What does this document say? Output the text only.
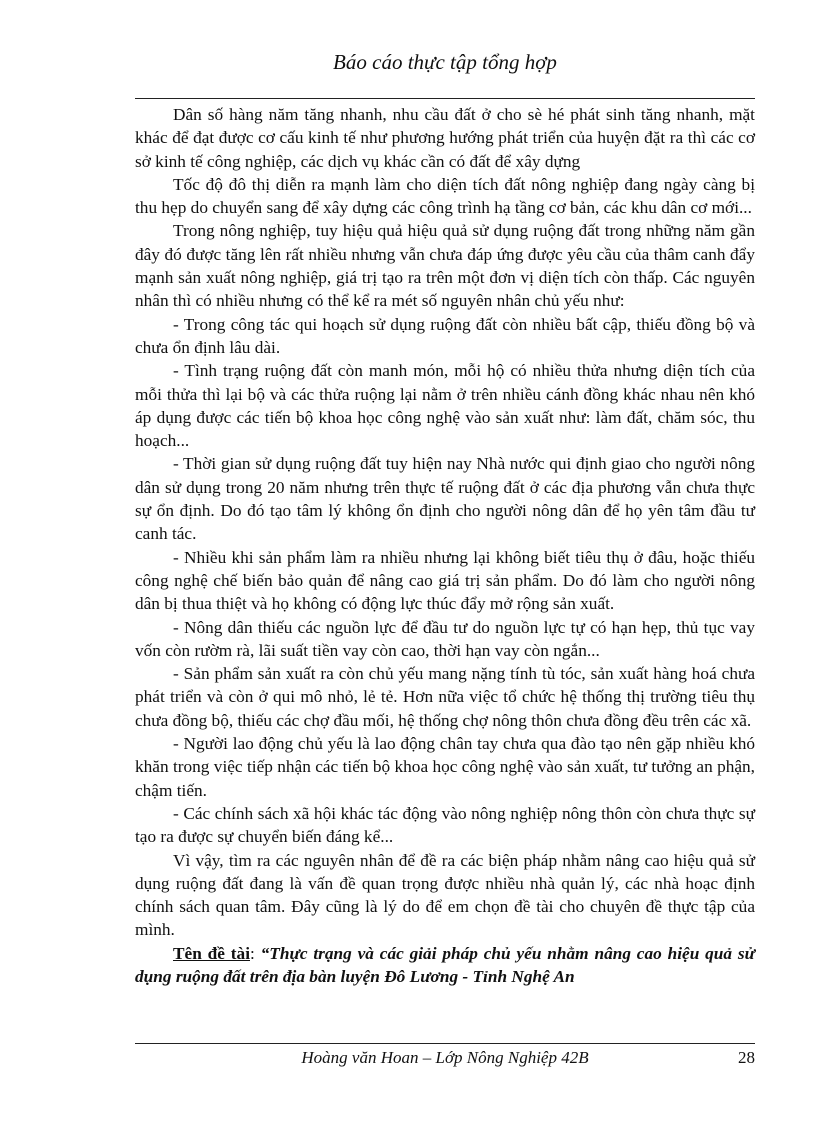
Báo cáo thực tập tổng hợp

Dân số hàng năm tăng nhanh, nhu cầu đất ở cho sè hé phát sinh tăng nhanh, mặt khác để đạt được cơ cấu kinh tế như phương hướng phát triển của huyện đặt ra thì các cơ sở kinh tế công nghiệp, các dịch vụ khác cần có đất để xây dựng

Tốc độ đô thị diễn ra mạnh làm cho diện tích đất nông nghiệp đang ngày càng bị thu hẹp do chuyển sang để xây dựng các công trình hạ tầng cơ bản, các khu dân cơ mới...

Trong nông nghiệp, tuy hiệu quả hiệu quả sử dụng ruộng đất trong những năm gần đây đó được tăng lên rất nhiều nhưng vẫn chưa đáp ứng được yêu cầu của thâm canh đẩy mạnh sản xuất nông nghiệp, giá trị tạo ra trên một đơn vị diện tích còn thấp. Các nguyên nhân thì có nhiều nhưng có thể kể ra mét số nguyên nhân chủ yếu như:

- Trong công tác qui hoạch sử dụng ruộng đất còn nhiều bất cập, thiếu đồng bộ và chưa ổn định lâu dài.

- Tình trạng ruộng đất còn manh món, mỗi hộ có nhiều thửa nhưng diện tích của mỗi thửa thì lại bộ và các thửa ruộng lại nằm ở trên nhiều cánh đồng khác nhau nên khó áp dụng được các tiến bộ khoa học công nghệ vào sản xuất như: làm đất, chăm sóc, thu hoạch...

- Thời gian sử dụng ruộng đất tuy hiện nay Nhà nước qui định giao cho người nông dân sử dụng trong 20 năm nhưng trên thực tế ruộng đất ở các địa phương vẫn chưa thực sự ổn định. Do đó tạo tâm lý không ổn định cho người nông dân để họ yên tâm đầu tư canh tác.

- Nhiều khi sản phẩm làm ra nhiều nhưng lại không biết tiêu thụ ở đâu, hoặc thiếu công nghệ chế biến bảo quản để nâng cao giá trị sản phẩm. Do đó làm cho người nông dân bị thua thiệt và họ không có động lực thúc đẩy mở rộng sản xuất.

- Nông dân thiếu các nguồn lực để đầu tư do nguồn lực tự có hạn hẹp, thủ tục vay vốn còn rườm rà, lãi suất tiền vay còn cao, thời hạn vay còn ngắn...

- Sản phẩm sản xuất ra còn chủ yếu mang nặng tính tù tóc, sản xuất hàng hoá chưa phát triển và còn ở qui mô nhỏ, lẻ tẻ. Hơn nữa việc tổ chức hệ thống thị trường tiêu thụ chưa đồng bộ, thiếu các chợ đầu mối, hệ thống chợ nông thôn chưa đồng đều trên các xã.

- Người lao động chủ yếu là lao động chân tay chưa qua đào tạo nên gặp nhiều khó khăn trong việc tiếp nhận các tiến bộ khoa học công nghệ vào sản xuất, tư tưởng an phận, chậm tiến.

- Các chính sách xã hội khác tác động vào nông nghiệp nông thôn còn chưa thực sự tạo ra được sự chuyển biến đáng kể...

Vì vậy, tìm ra các nguyên nhân để đề ra các biện pháp nhằm nâng cao hiệu quả sử dụng ruộng đất đang là vấn đề quan trọng được nhiều nhà quản lý, các nhà hoạc định chính sách quan tâm. Đây cũng là lý do để em chọn đề tài cho chuyên đề thực tập của mình.

Tên đề tài: “Thực trạng và các giải pháp chủ yếu nhằm nâng cao hiệu quả sử dụng ruộng đất trên địa bàn luyện Đô Lương - Tỉnh Nghệ An

Hoàng văn Hoan – Lớp Nông Nghiệp 42B	28
